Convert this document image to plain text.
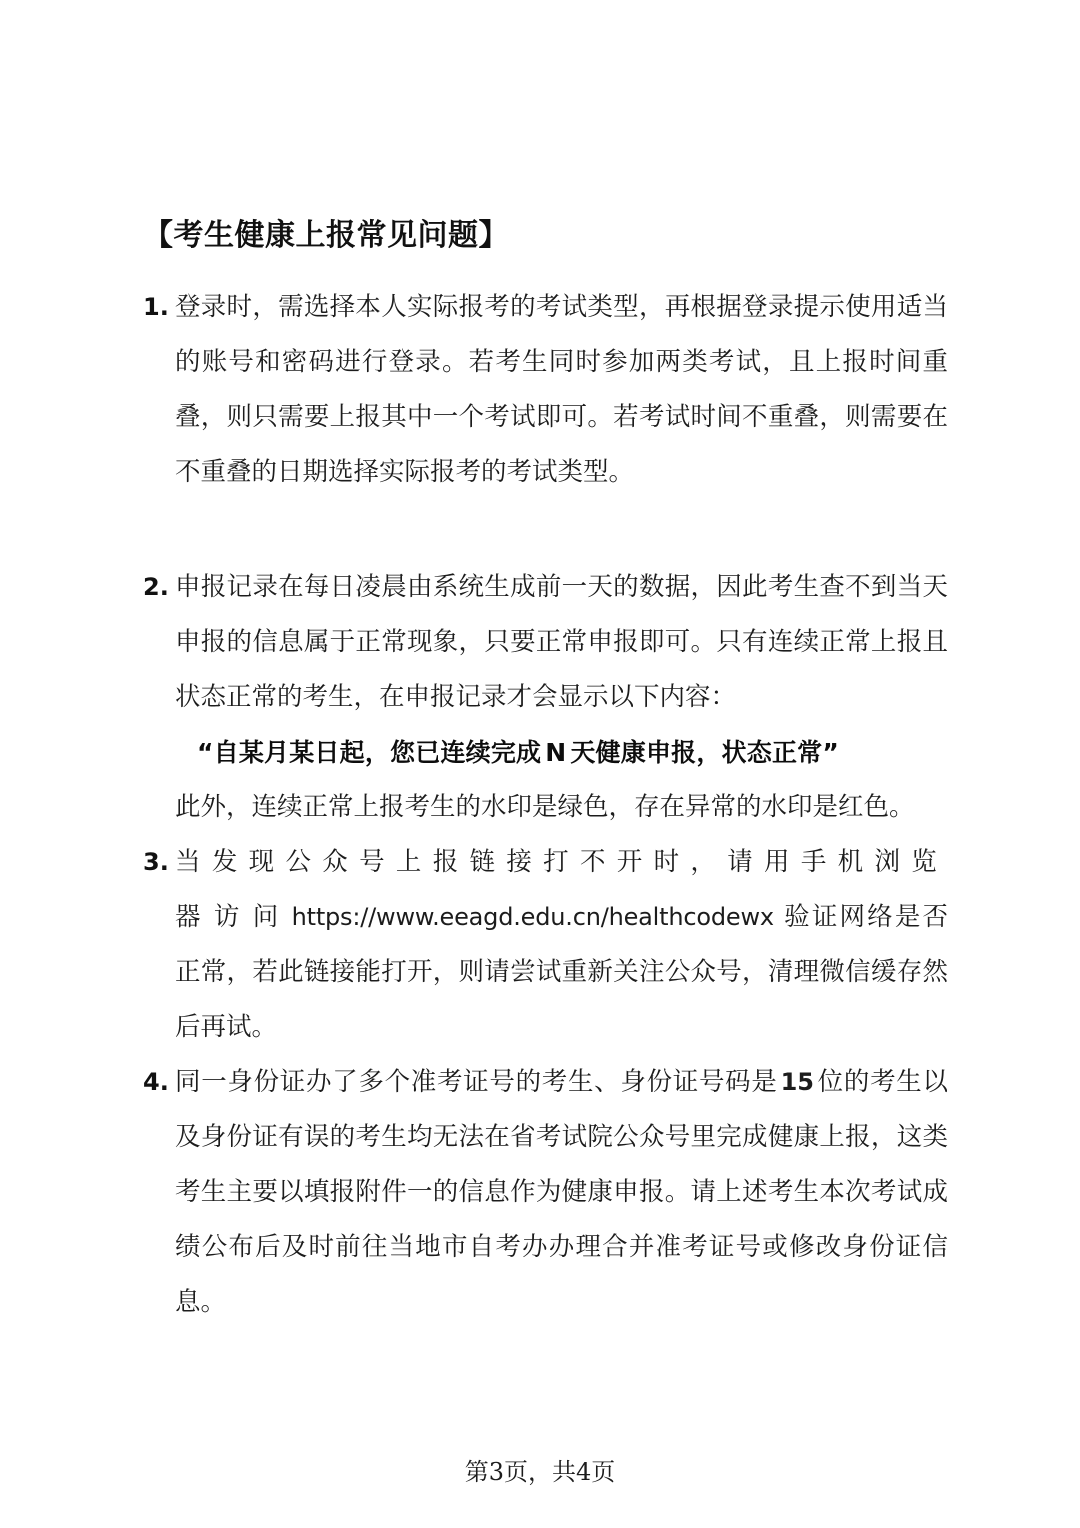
【考生健康上报常见问题】
1. 登录时，需选择本人实际报考的考试类型，再根据登录提示使用适当的账号和密码进行登录。若考生同时参加两类考试，且上报时间重叠，则只需要上报其中一个考试即可。若考试时间不重叠，则需要在不重叠的日期选择实际报考的考试类型。

2. 申报记录在每日凌晨由系统生成前一天的数据，因此考生查不到当天申报的信息属于正常现象，只要正常申报即可。只有连续正常上报且状态正常的考生，在申报记录才会显示以下内容：

“自某月某日起，您已连续完成 N 天健康申报，状态正常”

此外，连续正常上报考生的水印是绿色，存在异常的水印是红色。

3. 当发现公众号上报链接打不开时，请用手机浏览器访问https://www.eeagd.edu.cn/healthcodewx 验证网络是否正常，若此链接能打开，则请尝试重新关注公众号，清理微信缓存然后再试。

4. 同一身份证办了多个准考证号的考生、身份证号码是 15 位的考生以及身份证有误的考生均无法在省考试院公众号里完成健康上报，这类考生主要以填报附件一的信息作为健康申报。请上述考生本次考试成绩公布后及时前往当地市自考办办理合并准考证号或修改身份证信息。

第3页，共4页
